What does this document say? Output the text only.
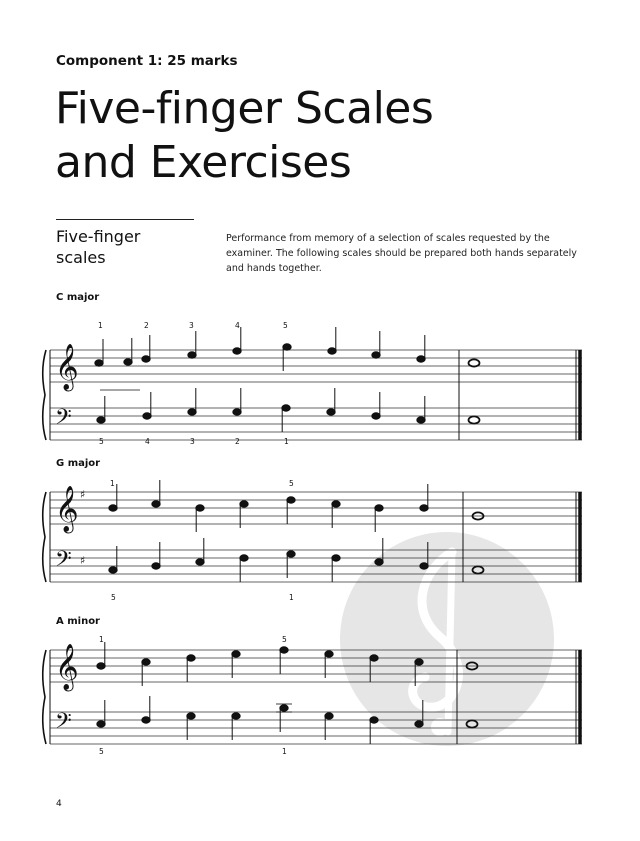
Component 1: 25 marks
Five-finger Scales
and Exercises
Five-finger
scales
Performance from memory of a selection of scales requested by the examiner. The following scales should be prepared both hands separately and hands together.
C major
𝄞
𝄢
1	2	3	4	5
5	4	3	2	1
G major
𝄞
𝄢
♯
♯
1	5
5	1
A minor
𝄞
𝄢
1	5
5	1
4
